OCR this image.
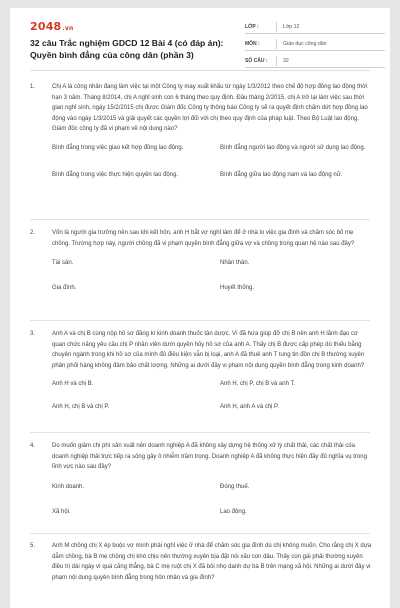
2048.vn
32 câu Trắc nghiệm GDCD 12 Bài 4 (có đáp án): Quyền bình đẳng của công dân (phần 3)
LỚP :	Lớp 12
MÔN :	Giáo dục công dân
SỐ CÂU :	32
1.	Chị A là công nhân đang làm việc tại một Công ty may xuất khẩu từ ngày 1/3/2012 theo chế độ hợp đồng lao động thời hạn 3 năm. Tháng 8/2014, chị A nghỉ sinh con 6 tháng theo quy định. Đầu tháng 2/2015, chị A trở lại làm việc sau thời gian nghỉ sinh, ngày 15/2/2015 chị được Giám đốc Công ty thông báo Công ty sẽ ra quyết định chấm dứt hợp đồng lao động vào ngày 1/3/2015 và giải quyết các quyền lợi đối với chị theo quy định của pháp luật. Theo Bộ Luật lao động, Giám đốc công ty đã vi phạm về nội dung nào?
Bình đẳng trong việc giao kết hợp đồng lao động.	Bình đẳng người lao động và người sử dụng lao động.
Bình đẳng trong việc thực hiện quyền lao động.	Bình đẳng giữa lao động nam và lao động nữ.
2.	Vốn là người gia trưởng nên sau khi kết hôn, anh H bắt vợ nghỉ làm để ở nhà lo việc gia đình và chăm sóc bố mẹ chồng. Trường hợp này, người chồng đã vi phạm quyền bình đẳng giữa vợ và chồng trong quan hệ nào sau đây?
Tài sản.	Nhân thân.
Gia đình.	Huyết thống.
3.	Anh A và chị B cùng nộp hồ sơ đăng kí kinh doanh thuốc tân dược. Vì đã hứa giúp đỡ chị B nên anh H lãnh đạo cơ quan chức năng yêu cầu chị P nhân viên dưới quyền hủy hồ sơ của anh A. Thấy chị B được cấp phép dù thiếu bằng chuyên ngành trong khi hồ sơ của mình đủ điều kiện vẫn bị loại, anh A đã thuê anh T tung tin đồn chị B thường xuyên phân phối hàng không đảm bảo chất lượng. Những ai dưới đây vi phạm nội dung quyền bình đẳng trong kinh doanh?
Anh H và chị B.	Anh H, chị P, chị B và anh T.
Anh H, chị B và chị P.	Anh H, anh A và chị P.
4.	Do muốn giảm chi phí sản xuất nên doanh nghiệp A đã không xây dựng hệ thống xử lý chất thải, các chất thải của doanh nghiệp thải trực tiếp ra sông gây ô nhiễm trầm trọng. Doanh nghiệp A đã không thực hiện đầy đủ nghĩa vụ trong lĩnh vực nào sau đây?
Kinh doanh.	Đóng thuế.
Xã hội.	Lao động.
5.	Anh M chồng chị X ép buộc vợ mình phải nghỉ việc ở nhà để chăm sóc gia đình dù chị không muốn. Cho rằng chị X dựa dẫm chồng, bà B mẹ chồng chị khó chịu nên thường xuyên bịa đặt nói xấu con dâu. Thấy con gái phải thường xuyên điều trị dài ngày vì quá căng thẳng, bà C mẹ ruột chị X đã bỏi nhọ danh dự bà B trên mạng xã hội. Những ai dưới đây vi phạm nội dung quyền bình đẳng trong hôn nhân và gia đình?
